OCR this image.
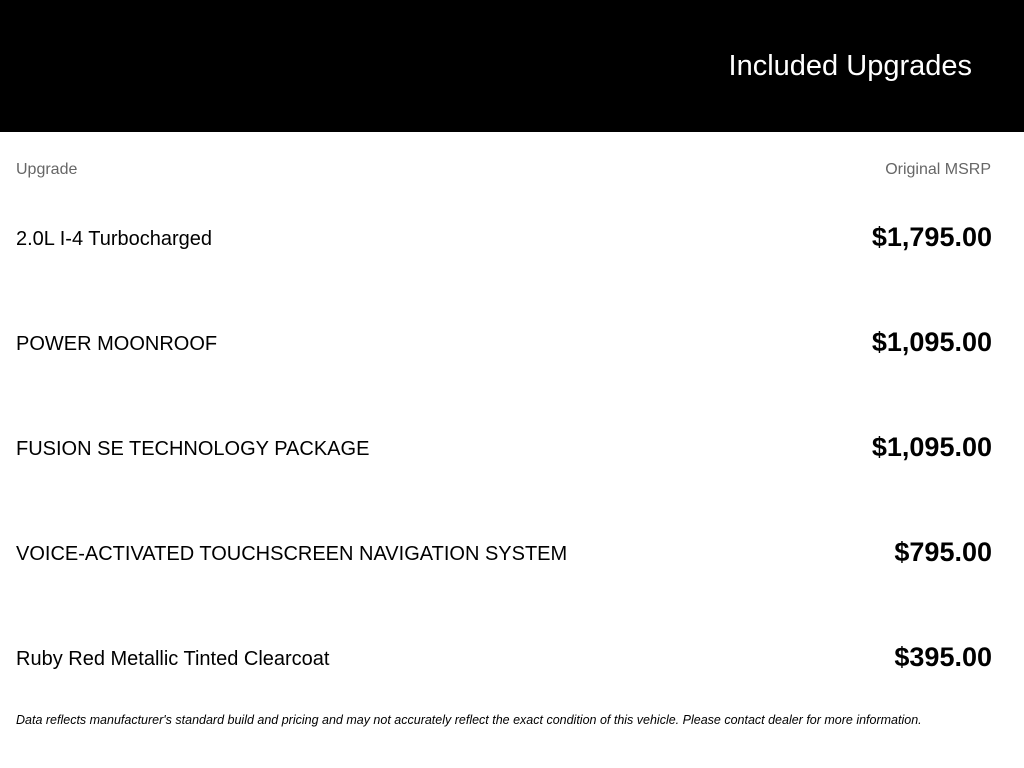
Included Upgrades
Upgrade	Original MSRP
2.0L I-4 Turbocharged	$1,795.00
POWER MOONROOF	$1,095.00
FUSION SE TECHNOLOGY PACKAGE	$1,095.00
VOICE-ACTIVATED TOUCHSCREEN NAVIGATION SYSTEM	$795.00
Ruby Red Metallic Tinted Clearcoat	$395.00
Data reflects manufacturer's standard build and pricing and may not accurately reflect the exact condition of this vehicle. Please contact dealer for more information.
